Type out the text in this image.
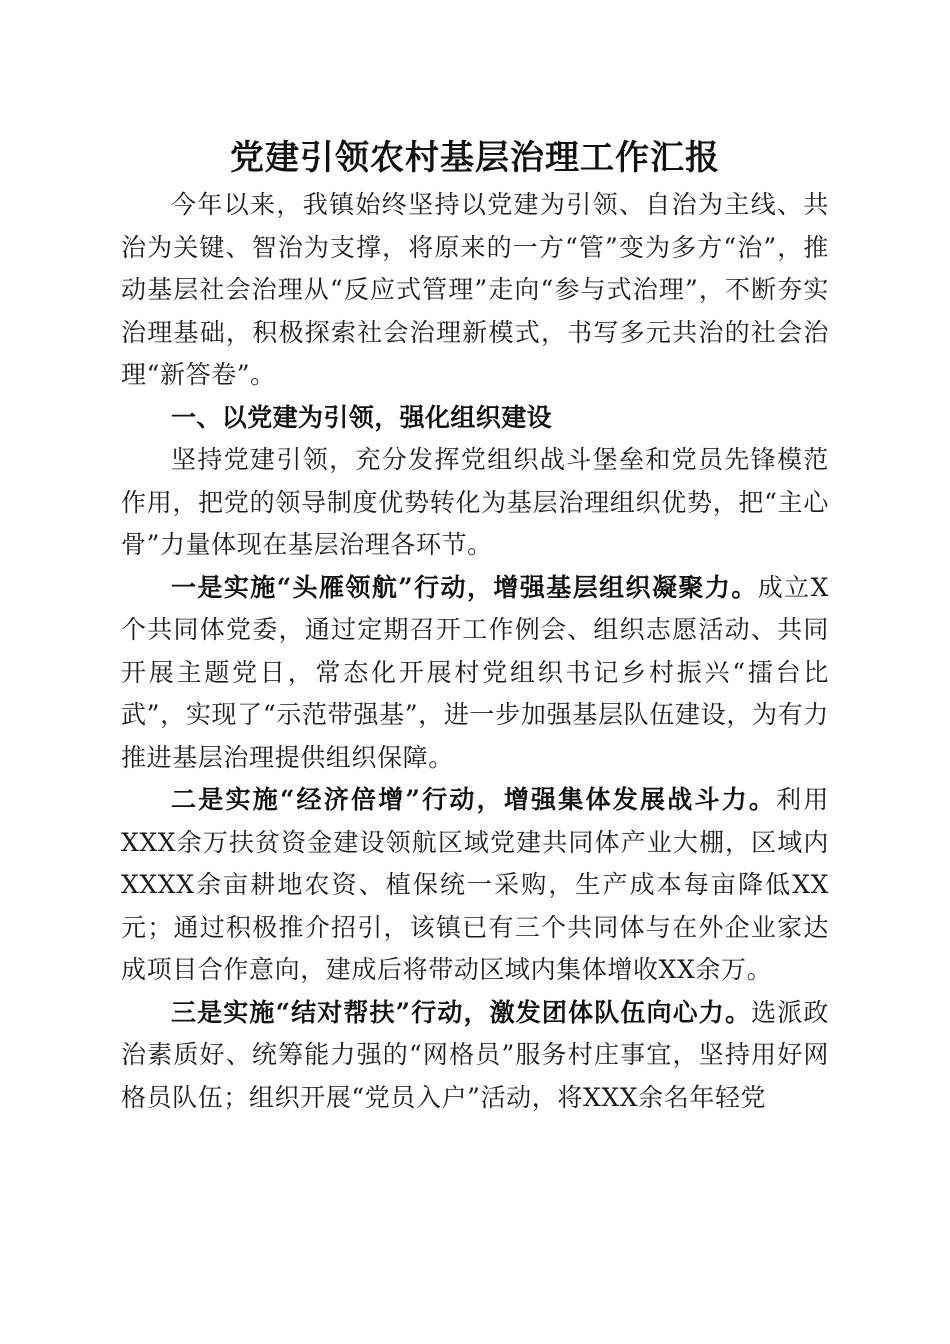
党建引领农村基层治理工作汇报

今年以来，我镇始终坚持以党建为引领、自治为主线、共治为关键、智治为支撑，将原来的一方“管”变为多方“治”，推动基层社会治理从“反应式管理”走向“参与式治理”，不断夯实治理基础，积极探索社会治理新模式，书写多元共治的社会治理“新答卷”。

一、以党建为引领，强化组织建设

坚持党建引领，充分发挥党组织战斗堡垒和党员先锋模范作用，把党的领导制度优势转化为基层治理组织优势，把“主心骨”力量体现在基层治理各环节。

一是实施“头雁领航”行动，增强基层组织凝聚力。成立X个共同体党委，通过定期召开工作例会、组织志愿活动、共同开展主题党日，常态化开展村党组织书记乡村振兴“擂台比武”，实现了“示范带强基”，进一步加强基层队伍建设，为有力推进基层治理提供组织保障。

二是实施“经济倍增”行动，增强集体发展战斗力。利用XXX余万扶贫资金建设领航区域党建共同体产业大棚，区域内XXXX余亩耕地农资、植保统一采购，生产成本每亩降低XX元；通过积极推介招引，该镇已有三个共同体与在外企业家达成项目合作意向，建成后将带动区域内集体增收XX余万。

三是实施“结对帮扶”行动，激发团体队伍向心力。选派政治素质好、统筹能力强的“网格员”服务村庄事宜，坚持用好网格员队伍；组织开展“党员入户”活动，将XXX余名年轻党
